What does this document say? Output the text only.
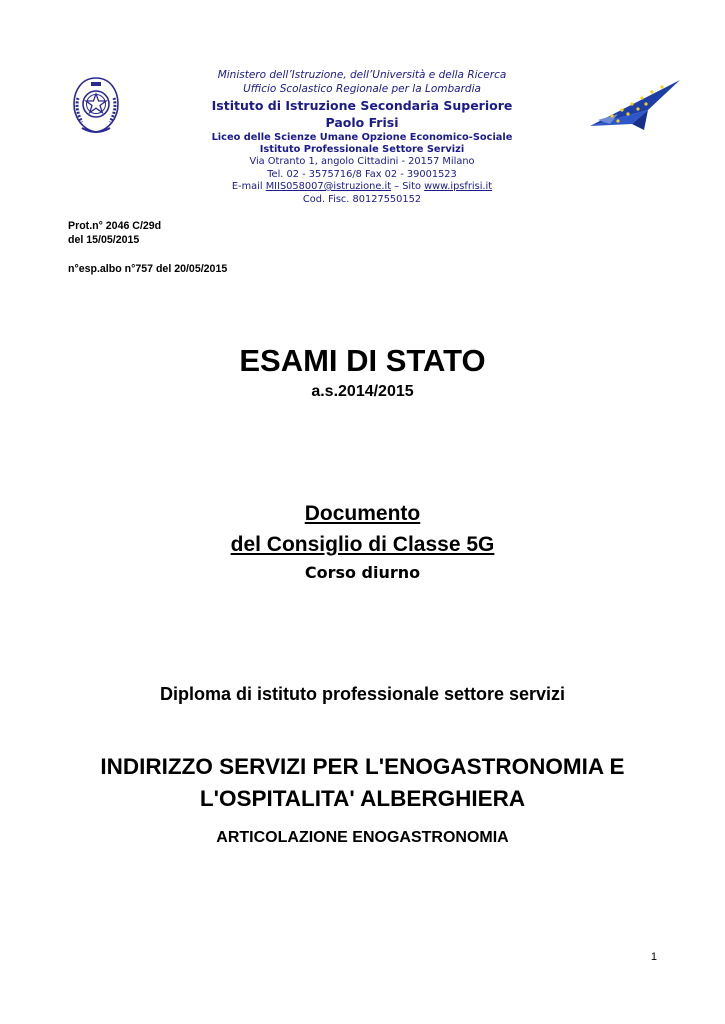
Ministero dell’Istruzione, dell’Università e della Ricerca
Ufficio Scolastico Regionale per la Lombardia
Istituto di Istruzione Secondaria Superiore
Paolo Frisi
Liceo delle Scienze Umane Opzione Economico-Sociale
Istituto Professionale Settore Servizi
Via Otranto 1, angolo Cittadini - 20157 Milano
Tel. 02 - 3575716/8 Fax 02 - 39001523
E-mail MIIS058007@istruzione.it – Sito www.ipsfrisi.it
Cod. Fisc. 80127550152
Prot.n° 2046 C/29d
del 15/05/2015
n°esp.albo n°757 del 20/05/2015
ESAMI DI STATO
a.s.2014/2015
Documento
del Consiglio di Classe 5G
Corso diurno
Diploma di istituto professionale settore servizi
INDIRIZZO SERVIZI PER L'ENOGASTRONOMIA E
L'OSPITALITA' ALBERGHIERA
ARTICOLAZIONE ENOGASTRONOMIA
1
